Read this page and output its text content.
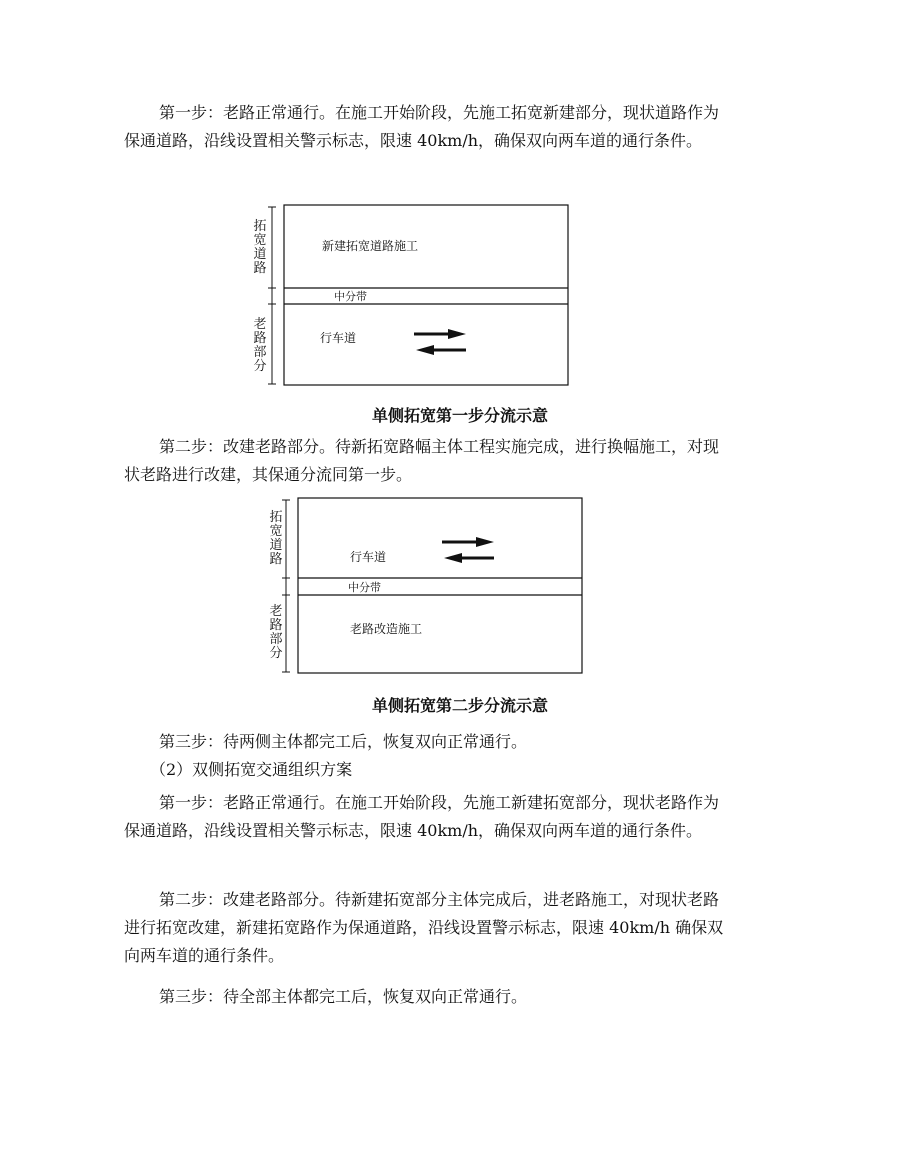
第一步：老路正常通行。在施工开始阶段，先施工拓宽新建部分，现状道路作为保通道路，沿线设置相关警示标志，限速 40km/h，确保双向两车道的通行条件。

新建拓宽道路施工
中分带
行车道
拓宽道路
老路部分
单侧拓宽第一步分流示意

第二步：改建老路部分。待新拓宽路幅主体工程实施完成，进行换幅施工，对现状老路进行改建，其保通分流同第一步。

行车道
中分带
老路改造施工
拓宽道路
老路部分
单侧拓宽第二步分流示意

第三步：待两侧主体都完工后，恢复双向正常通行。

（2）双侧拓宽交通组织方案

第一步：老路正常通行。在施工开始阶段，先施工新建拓宽部分，现状老路作为保通道路，沿线设置相关警示标志，限速 40km/h，确保双向两车道的通行条件。

第二步：改建老路部分。待新建拓宽部分主体完成后，进老路施工，对现状老路进行拓宽改建，新建拓宽路作为保通道路，沿线设置警示标志，限速 40km/h 确保双向两车道的通行条件。

第三步：待全部主体都完工后，恢复双向正常通行。
